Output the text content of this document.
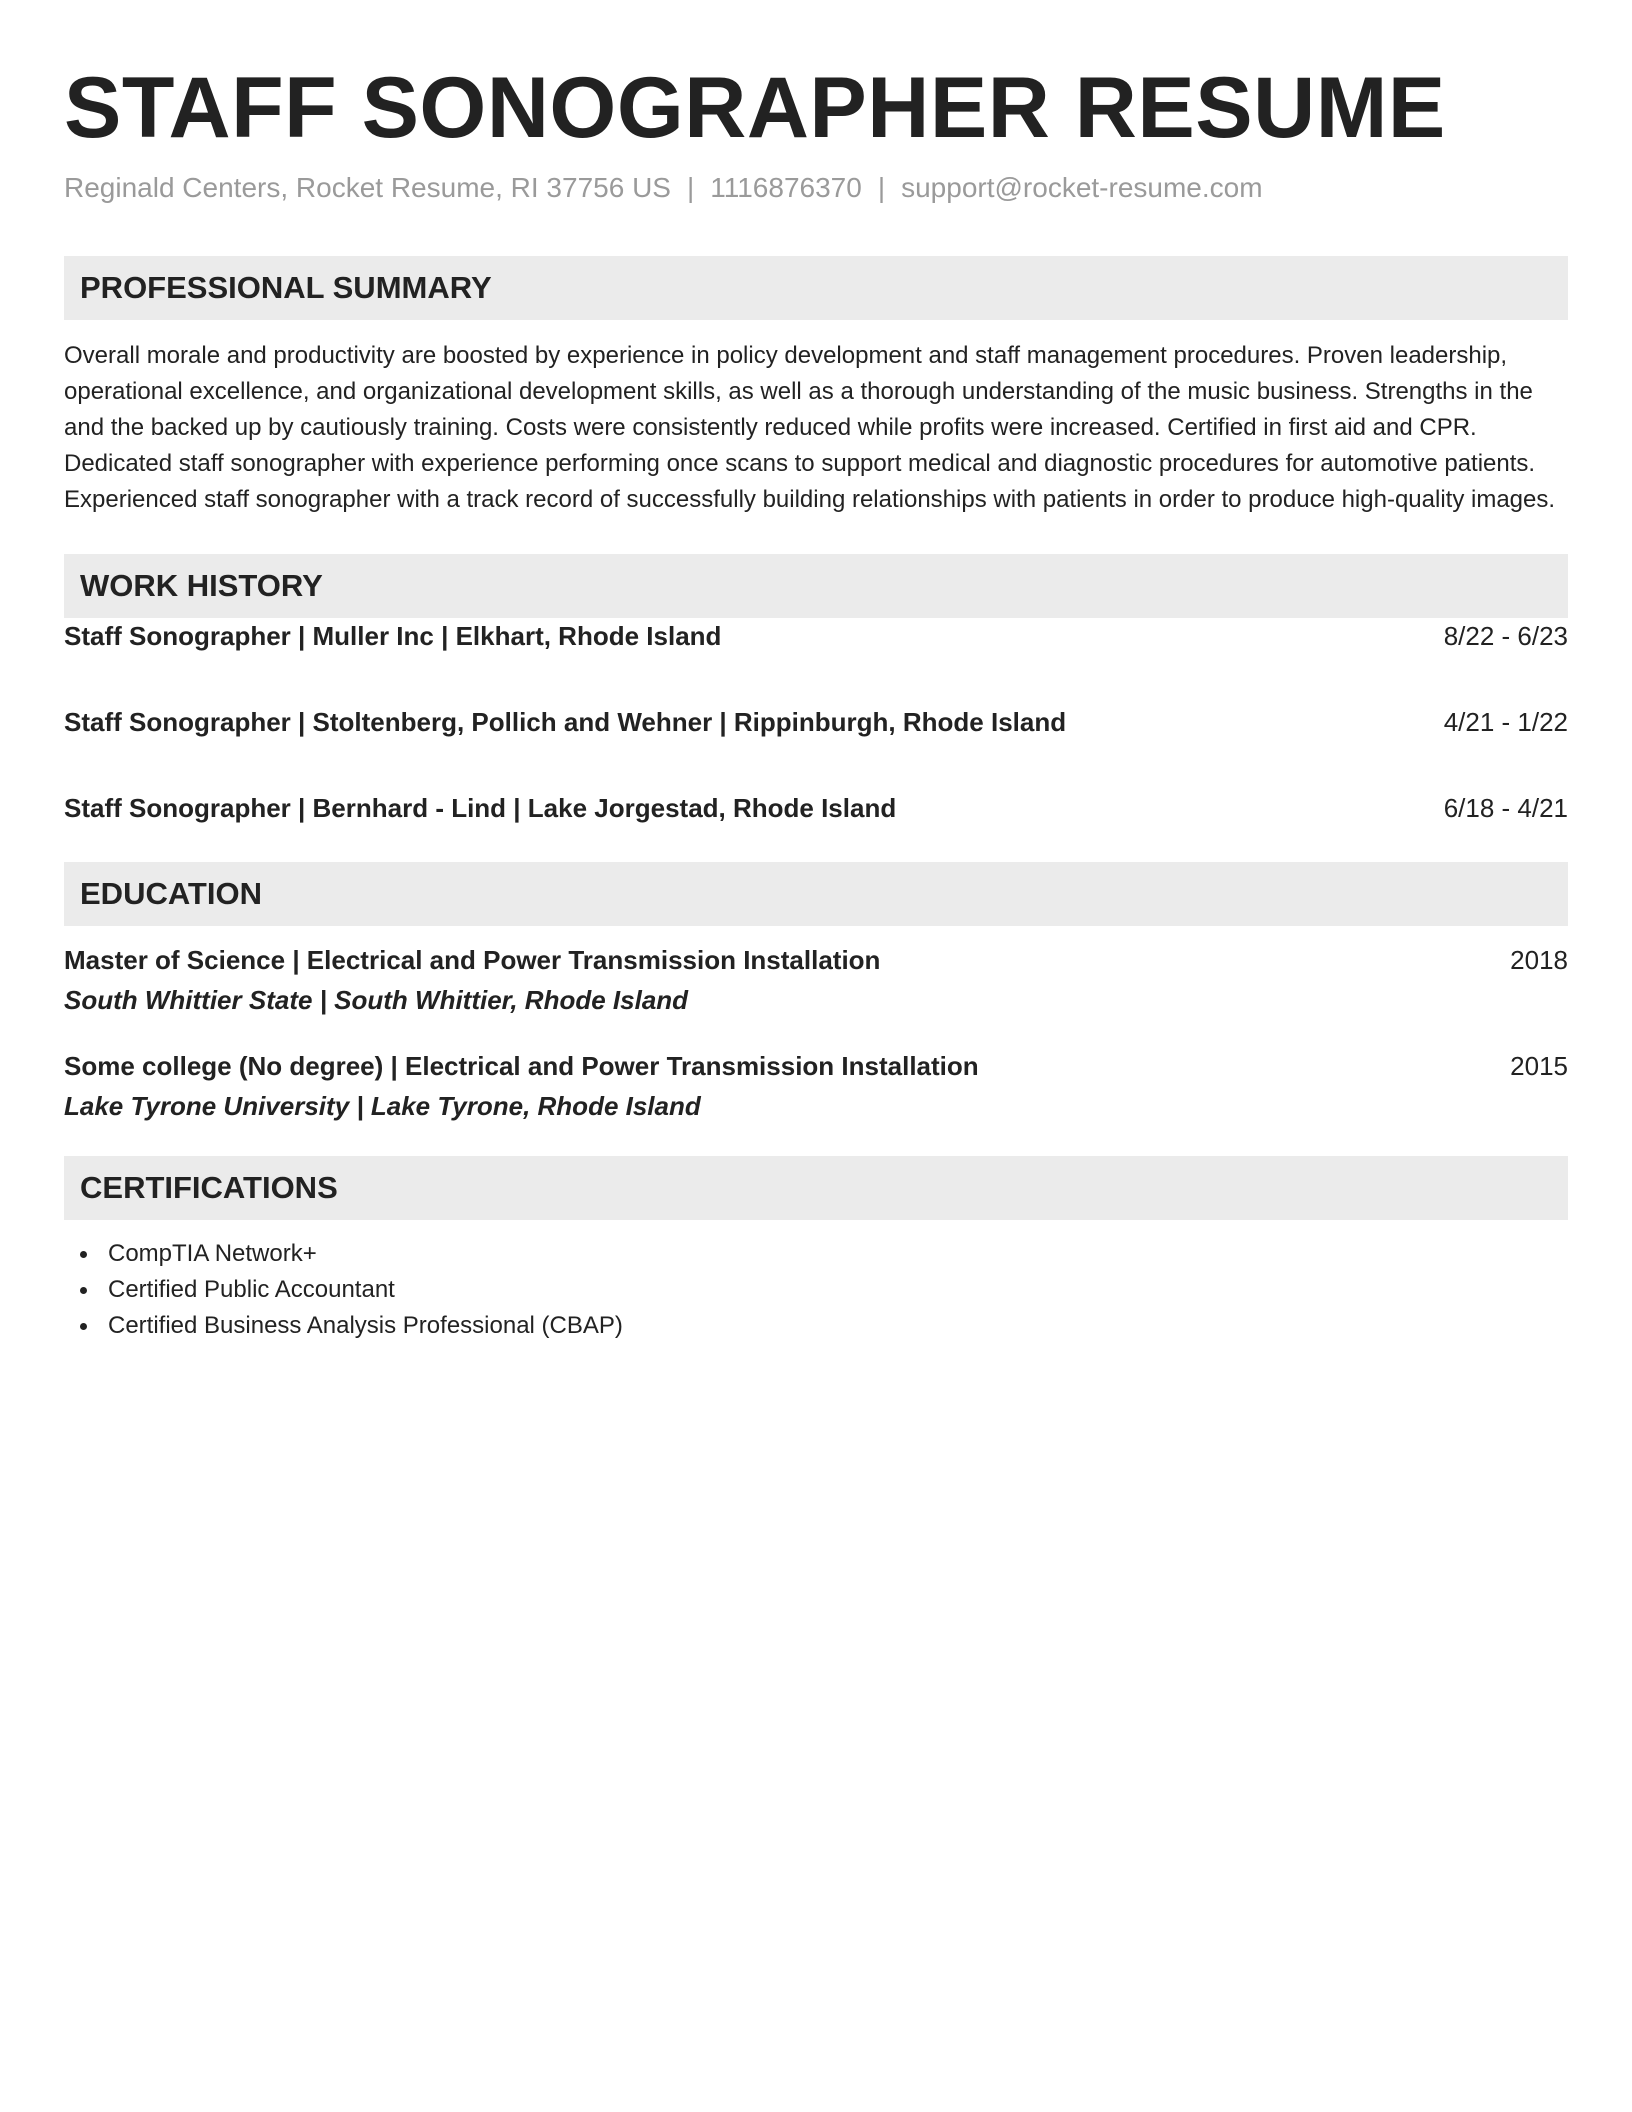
STAFF SONOGRAPHER RESUME
Reginald Centers, Rocket Resume, RI 37756 US | 1116876370 | support@rocket-resume.com
PROFESSIONAL SUMMARY
Overall morale and productivity are boosted by experience in policy development and staff management procedures. Proven leadership, operational excellence, and organizational development skills, as well as a thorough understanding of the music business. Strengths in the and the backed up by cautiously training. Costs were consistently reduced while profits were increased. Certified in first aid and CPR. Dedicated staff sonographer with experience performing once scans to support medical and diagnostic procedures for automotive patients. Experienced staff sonographer with a track record of successfully building relationships with patients in order to produce high-quality images.
WORK HISTORY
Staff Sonographer | Muller Inc | Elkhart, Rhode Island	8/22 - 6/23
Staff Sonographer | Stoltenberg, Pollich and Wehner | Rippinburgh, Rhode Island	4/21 - 1/22
Staff Sonographer | Bernhard - Lind | Lake Jorgestad, Rhode Island	6/18 - 4/21
EDUCATION
Master of Science | Electrical and Power Transmission Installation	2018
South Whittier State | South Whittier, Rhode Island
Some college (No degree) | Electrical and Power Transmission Installation	2015
Lake Tyrone University | Lake Tyrone, Rhode Island
CERTIFICATIONS
CompTIA Network+
Certified Public Accountant
Certified Business Analysis Professional (CBAP)
